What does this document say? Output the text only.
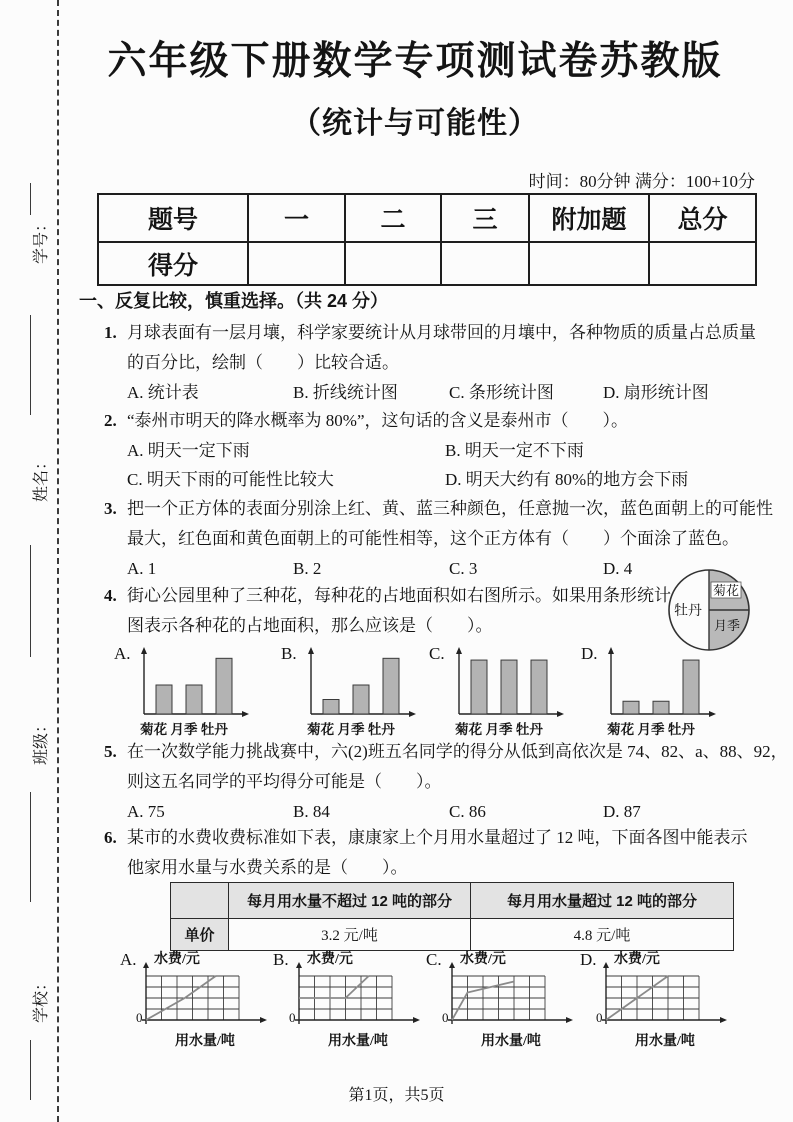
学号：
姓名：
班级：
学校：
六年级下册数学专项测试卷苏教版
（统计与可能性）
时间：80分钟 满分：100+10分
题号	一	二	三	附加题	总分
得分					
一、反复比较，慎重选择。（共 24 分）
1. 月球表面有一层月壤，科学家要统计从月球带回的月壤中，各种物质的质量占总质量
的百分比，绘制（　　）比较合适。
A. 统计表	B. 折线统计图	C. 条形统计图	D. 扇形统计图
2. “泰州市明天的降水概率为 80%”，这句话的含义是泰州市（　　）。
A. 明天一定下雨	B. 明天一定不下雨
C. 明天下雨的可能性比较大	D. 明天大约有 80%的地方会下雨
3. 把一个正方体的表面分别涂上红、黄、蓝三种颜色，任意抛一次，蓝色面朝上的可能性
最大，红色面和黄色面朝上的可能性相等，这个正方体有（　　）个面涂了蓝色。
A. 1	B. 2	C. 3	D. 4
4. 街心公园里种了三种花，每种花的占地面积如右图所示。如果用条形统计
图表示各种花的占地面积，那么应该是（　　）。
牡丹
菊花
月季
A.
菊花 月季 牡丹
B.
菊花 月季 牡丹
C.
菊花 月季 牡丹
D.
菊花 月季 牡丹
5. 在一次数学能力挑战赛中，六(2)班五名同学的得分从低到高依次是 74、82、a、88、92，
则这五名同学的平均得分可能是（　　）。
A. 75	B. 84	C. 86	D. 87
6. 某市的水费收费标准如下表，康康家上个月用水量超过了 12 吨，下面各图中能表示
他家用水量与水费关系的是（　　）。
	每月用水量不超过 12 吨的部分	每月用水量超过 12 吨的部分
单价	3.2 元/吨	4.8 元/吨
A. 水费/元
0
用水量/吨
B. 水费/元
0
用水量/吨
C. 水费/元
0
用水量/吨
D. 水费/元
0
用水量/吨
第1页，共5页
